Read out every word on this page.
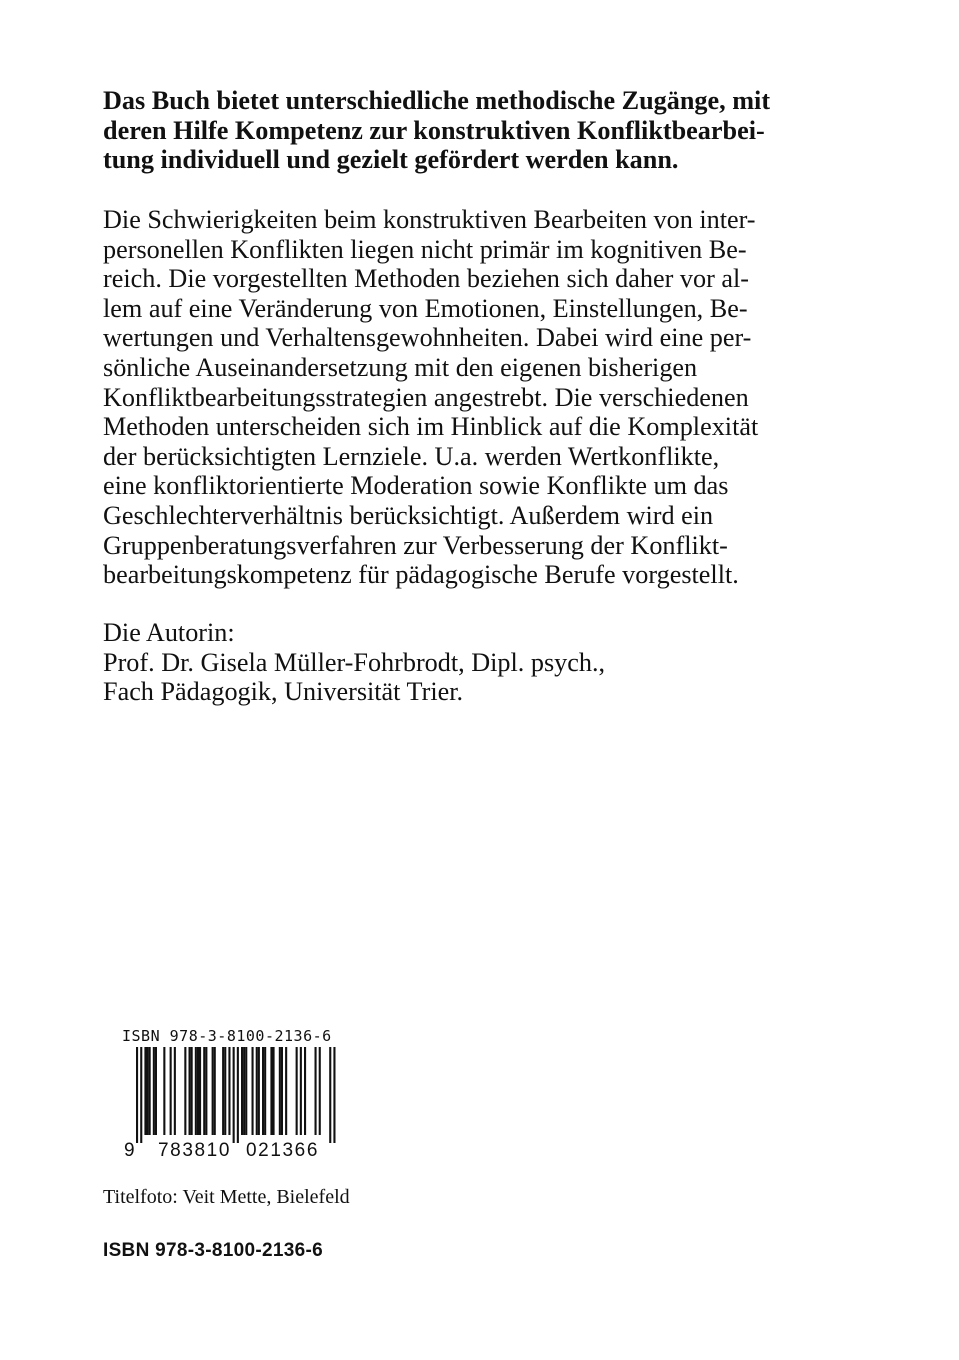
Das Buch bietet unterschiedliche methodische Zugänge, mit
deren Hilfe Kompetenz zur konstruktiven Konfliktbearbei-
tung individuell und gezielt gefördert werden kann.

Die Schwierigkeiten beim konstruktiven Bearbeiten von inter-
personellen Konflikten liegen nicht primär im kognitiven Be-
reich. Die vorgestellten Methoden beziehen sich daher vor al-
lem auf eine Veränderung von Emotionen, Einstellungen, Be-
wertungen und Verhaltensgewohnheiten. Dabei wird eine per-
sönliche Auseinandersetzung mit den eigenen bisherigen
Konfliktbearbeitungsstrategien angestrebt. Die verschiedenen
Methoden unterscheiden sich im Hinblick auf die Komplexität
der berücksichtigten Lernziele. U.a. werden Wertkonflikte,
eine konfliktorientierte Moderation sowie Konflikte um das
Geschlechterverhältnis berücksichtigt. Außerdem wird ein
Gruppenberatungsverfahren zur Verbesserung der Konflikt-
bearbeitungskompetenz für pädagogische Berufe vorgestellt.

Die Autorin:
Prof. Dr. Gisela Müller-Fohrbrodt, Dipl. psych.,
Fach Pädagogik, Universität Trier.

ISBN 978-3-8100-2136-6
9 783810 021366

Titelfoto: Veit Mette, Bielefeld

ISBN 978-3-8100-2136-6
